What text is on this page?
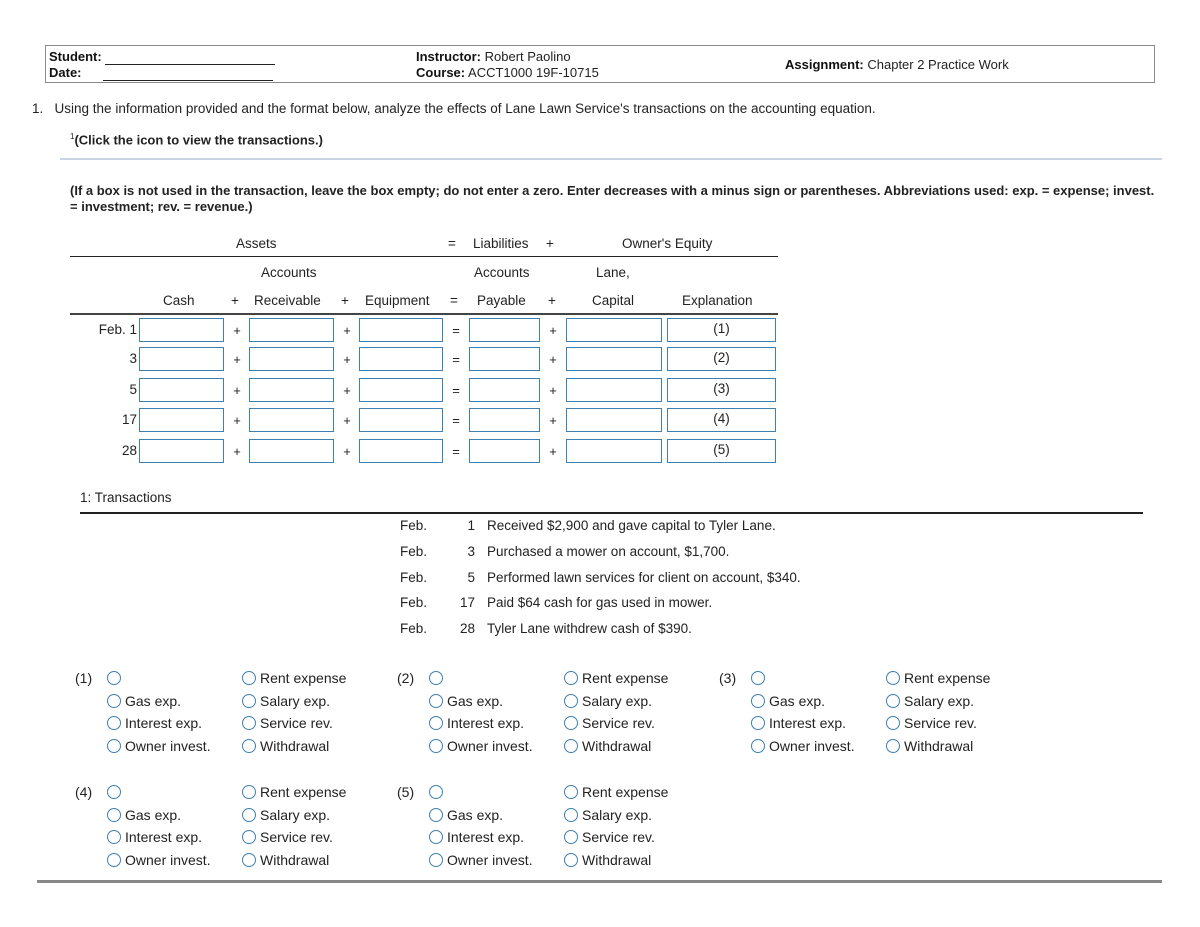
Student:
Date:
Instructor: Robert Paolino
Course: ACCT1000 19F-10715
Assignment: Chapter 2 Practice Work
1. Using the information provided and the format below, analyze the effects of Lane Lawn Service's transactions on the accounting equation.
$^1$(Click the icon to view the transactions.)
(If a box is not used in the transaction, leave the box empty; do not enter a zero. Enter decreases with a minus sign or parentheses. Abbreviations used: exp. = expense; invest. = investment; rev. = revenue.)
Assets	= Liabilities +	Owner's Equity
Accounts	Accounts	Lane,
Cash	+ Receivable + Equipment = Payable +	Capital	Explanation
Feb. 1	+	+	=	+	(1)
3	+	+	=	+	(2)
5	+	+	=	+	(3)
17	+	+	=	+	(4)
28	+	+	=	+	(5)
1: Transactions
Feb.	1 Received $2,900 and gave capital to Tyler Lane.
Feb.	3 Purchased a mower on account, $1,700.
Feb.	5 Performed lawn services for client on account, $340.
Feb. 17 Paid $64 cash for gas used in mower.
Feb. 28 Tyler Lane withdrew cash of $390.
(1)	Rent expense
Gas exp.	Salary exp.
Interest exp.	Service rev.
Owner invest.	Withdrawal
(2)	Rent expense
Gas exp.	Salary exp.
Interest exp.	Service rev.
Owner invest.	Withdrawal
(3)	Rent expense
Gas exp.	Salary exp.
Interest exp.	Service rev.
Owner invest.	Withdrawal
(4)	Rent expense
Gas exp.	Salary exp.
Interest exp.	Service rev.
Owner invest.	Withdrawal
(5)	Rent expense
Gas exp.	Salary exp.
Interest exp.	Service rev.
Owner invest.	Withdrawal
